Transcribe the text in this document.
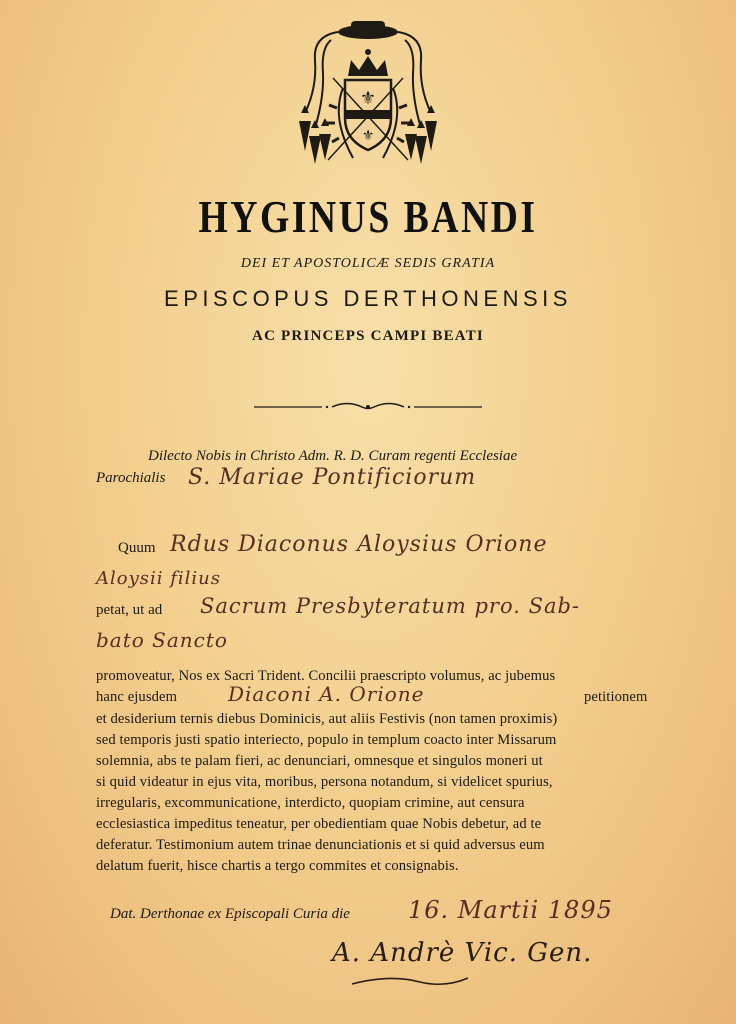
⚜
⚜
HYGINUS BANDI
DEI ET APOSTOLICÆ SEDIS GRATIA
EPISCOPUS DERTHONENSIS
AC PRINCEPS CAMPI BEATI
Dilecto Nobis in Christo Adm. R. D. Curam regenti Ecclesiae
Parochialis S. Mariae Pontificiorum
Quum Rdus Diaconus Aloysius Orione
Aloysii filius
petat, ut ad Sacrum Presbyteratum pro. Sab-
bato Sancto
promoveatur, Nos ex Sacri Trident. Concilii praescripto volumus, ac jubemus
hanc ejusdem	Diaconi A. Orione	petitionem
et desiderium ternis diebus Dominicis, aut aliis Festivis (non tamen proximis)
sed temporis justi spatio interiecto, populo in templum coacto inter Missarum
solemnia, abs te palam fieri, ac denunciari, omnesque et singulos moneri ut
si quid videatur in ejus vita, moribus, persona notandum, si videlicet spurius,
irregularis, excommunicatione, interdicto, quopiam crimine, aut censura
ecclesiastica impeditus teneatur, per obedientiam quae Nobis debetur, ad te
deferatur. Testimonium autem trinae denunciationis et si quid adversus eum
delatum fuerit, hisce chartis a tergo commites et consignabis.
Dat. Derthonae ex Episcopali Curia die 16. Martii 1895
A. Andrè Vic. Gen.
